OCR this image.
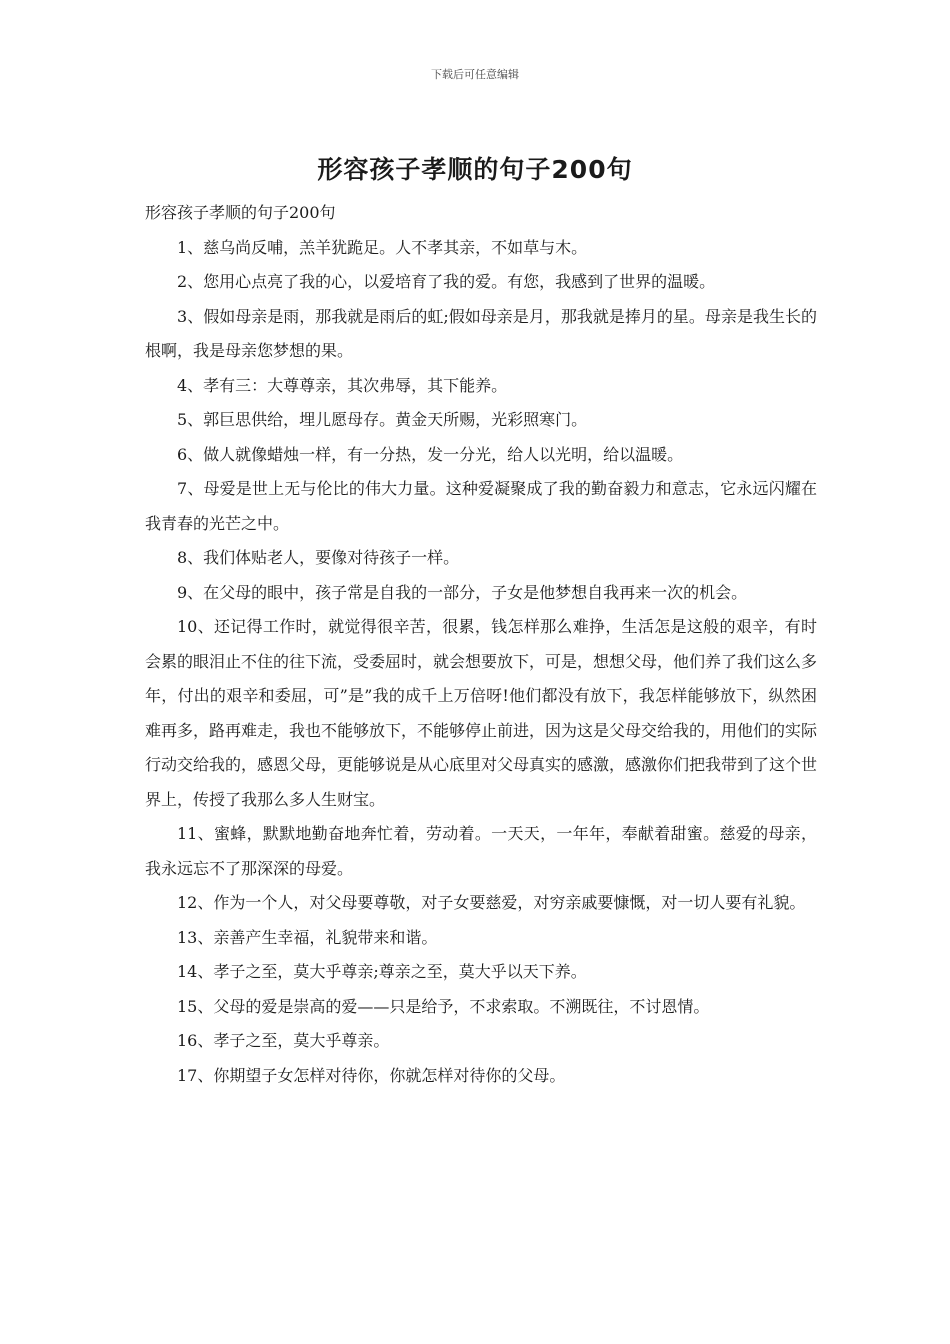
下载后可任意编辑
形容孩子孝顺的句子200句

形容孩子孝顺的句子200句

1、慈乌尚反哺，羔羊犹跪足。人不孝其亲，不如草与木。

2、您用心点亮了我的心，以爱培育了我的爱。有您，我感到了世界的温暖。

3、假如母亲是雨，那我就是雨后的虹;假如母亲是月，那我就是捧月的星。母亲是我生长的根啊，我是母亲您梦想的果。

4、孝有三：大尊尊亲，其次弗辱，其下能养。

5、郭巨思供给，埋儿愿母存。黄金天所赐，光彩照寒门。

6、做人就像蜡烛一样，有一分热，发一分光，给人以光明，给以温暖。

7、母爱是世上无与伦比的伟大力量。这种爱凝聚成了我的勤奋毅力和意志，它永远闪耀在我青春的光芒之中。

8、我们体贴老人，要像对待孩子一样。

9、在父母的眼中，孩子常是自我的一部分，子女是他梦想自我再来一次的机会。

10、还记得工作时，就觉得很辛苦，很累，钱怎样那么难挣，生活怎是这般的艰辛，有时会累的眼泪止不住的往下流，受委屈时，就会想要放下，可是，想想父母，他们养了我们这么多年，付出的艰辛和委屈，可”是”我的成千上万倍呀!他们都没有放下，我怎样能够放下，纵然困难再多，路再难走，我也不能够放下，不能够停止前进，因为这是父母交给我的，用他们的实际行动交给我的，感恩父母，更能够说是从心底里对父母真实的感激，感激你们把我带到了这个世界上，传授了我那么多人生财宝。

11、蜜蜂，默默地勤奋地奔忙着，劳动着。一天天，一年年，奉献着甜蜜。慈爱的母亲，我永远忘不了那深深的母爱。

12、作为一个人，对父母要尊敬，对子女要慈爱，对穷亲戚要慷慨，对一切人要有礼貌。

13、亲善产生幸福，礼貌带来和谐。

14、孝子之至，莫大乎尊亲;尊亲之至，莫大乎以天下养。

15、父母的爱是崇高的爱——只是给予，不求索取。不溯既往，不讨恩情。

16、孝子之至，莫大乎尊亲。

17、你期望子女怎样对待你，你就怎样对待你的父母。
